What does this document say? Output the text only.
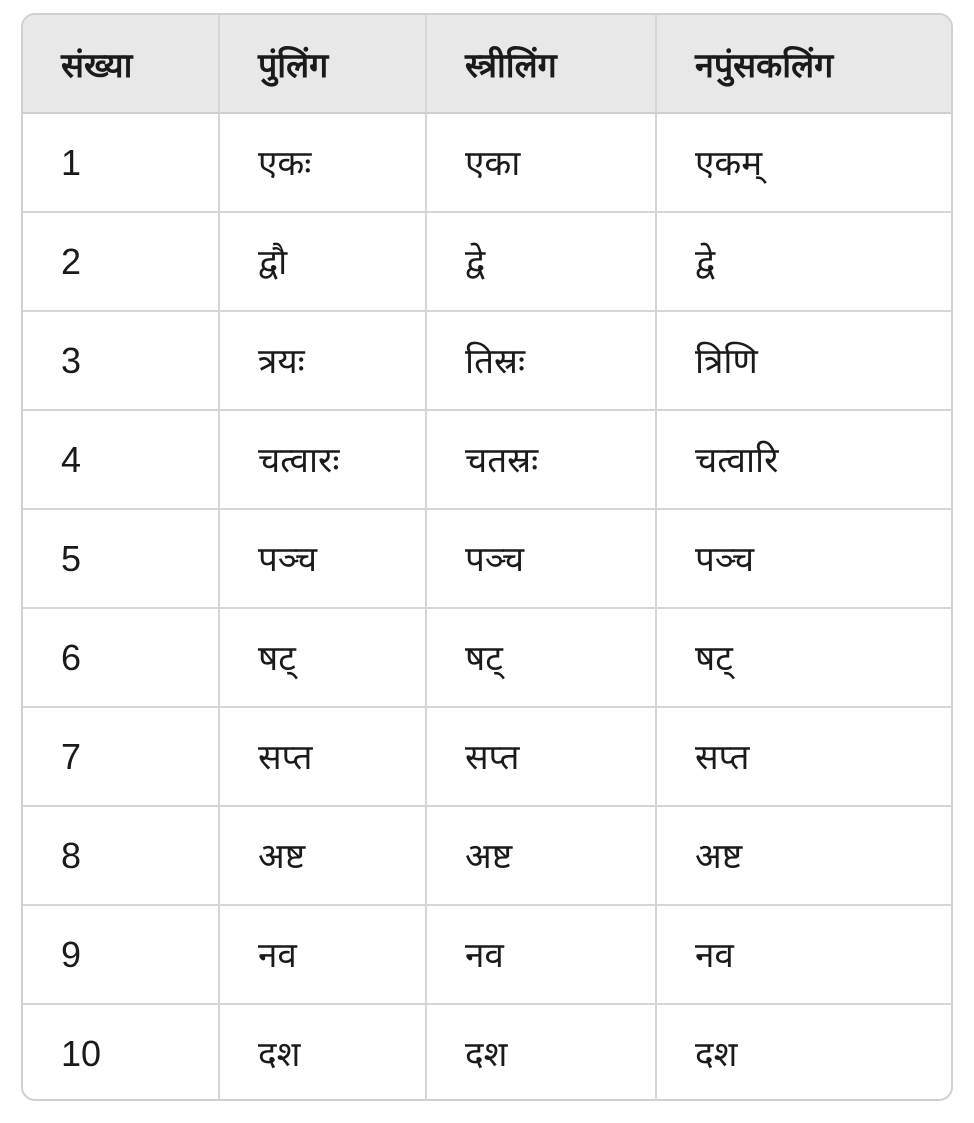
संख्या	पुंलिंग	स्त्रीलिंग	नपुंसकलिंग
1	एकः	एका	एकम्
2	द्वौ	द्वे	द्वे
3	त्रयः	तिस्रः	त्रिणि
4	चत्वारः	चतस्रः	चत्वारि
5	पञ्च	पञ्च	पञ्च
6	षट्	षट्	षट्
7	सप्त	सप्त	सप्त
8	अष्ट	अष्ट	अष्ट
9	नव	नव	नव
10	दश	दश	दश
